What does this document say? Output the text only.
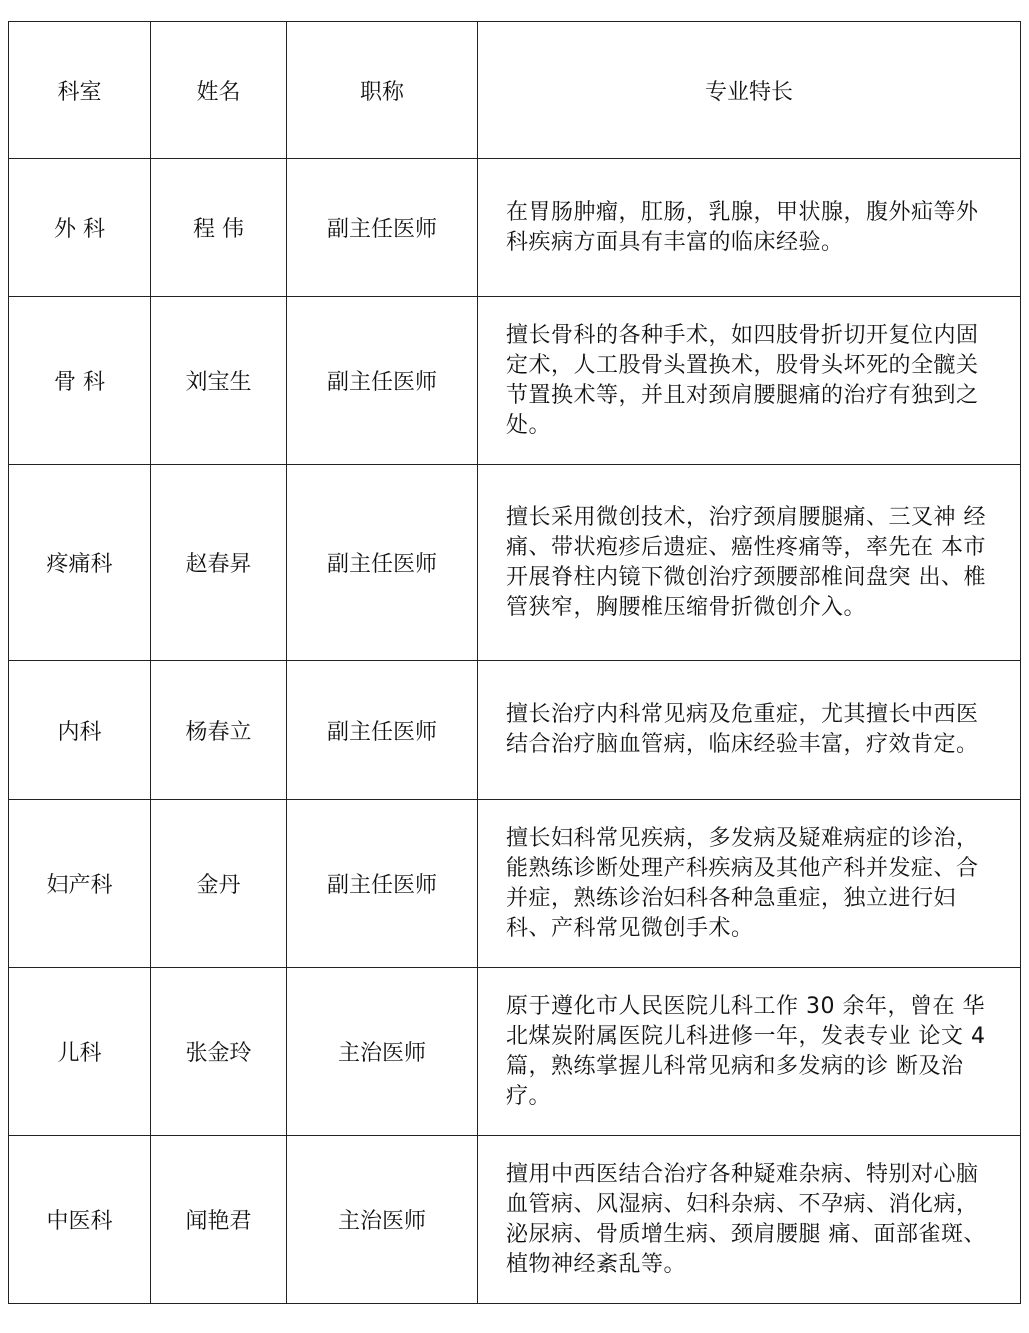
科室	姓名	职称	专业特长
外 科	程 伟	副主任医师	在胃肠肿瘤，肛肠，乳腺，甲状腺，腹外疝等外科疾病方面具有丰富的临床经验。
骨 科	刘宝生	副主任医师	擅长骨科的各种手术，如四肢骨折切开复位内固定术，人工股骨头置换术，股骨头坏死的全髋关节置换术等，并且对颈肩腰腿痛的治疗有独到之处。
疼痛科	赵春昇	副主任医师	擅长采用微创技术，治疗颈肩腰腿痛、三叉神 经痛、带状疱疹后遗症、癌性疼痛等，率先在 本市开展脊柱内镜下微创治疗颈腰部椎间盘突 出、椎管狭窄，胸腰椎压缩骨折微创介入。
内科	杨春立	副主任医师	擅长治疗内科常见病及危重症，尤其擅长中西医结合治疗脑血管病，临床经验丰富，疗效肯定。
妇产科	金丹	副主任医师	擅长妇科常见疾病，多发病及疑难病症的诊治，能熟练诊断处理产科疾病及其他产科并发症、合并症，熟练诊治妇科各种急重症，独立进行妇科、产科常见微创手术。
儿科	张金玲	主治医师	原于遵化市人民医院儿科工作 30 余年，曾在 华北煤炭附属医院儿科进修一年，发表专业 论文 4 篇，熟练掌握儿科常见病和多发病的诊 断及治疗。
中医科	闻艳君	主治医师	擅用中西医结合治疗各种疑难杂病、特别对心脑血管病、风湿病、妇科杂病、不孕病、消化病，泌尿病、骨质增生病、颈肩腰腿 痛、面部雀斑、植物神经紊乱等。
